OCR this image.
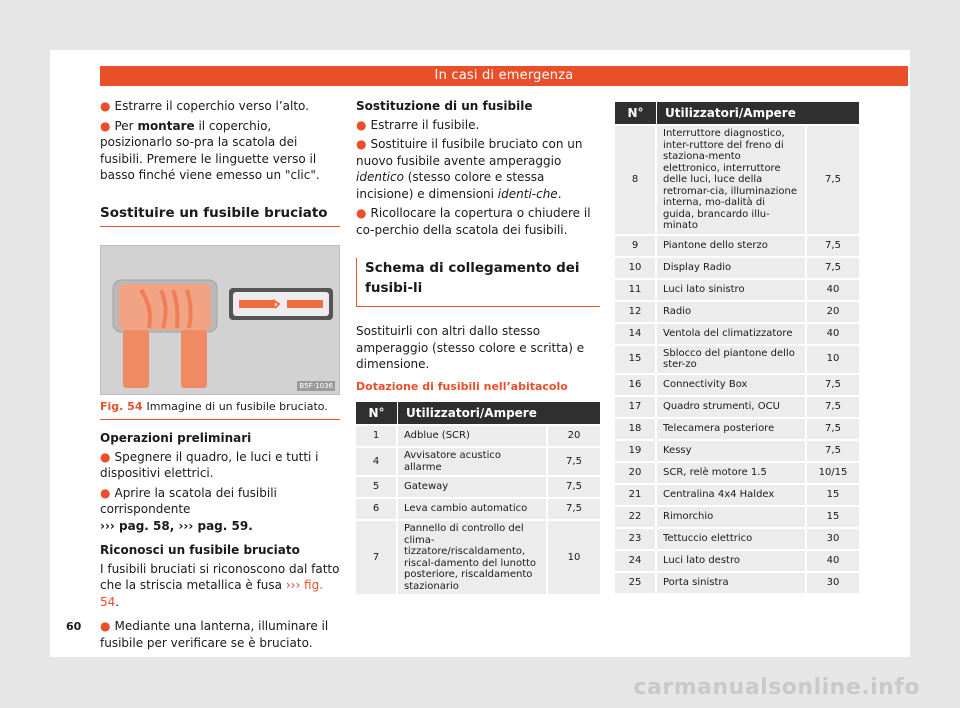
In casi di emergenza

● Estrarre il coperchio verso l’alto.

● Per montare il coperchio, posizionarlo so-pra la scatola dei fusibili. Premere le linguette verso il basso finché viene emesso un "clic".

Sostituire un fusibile bruciato
B5F-1036
Fig. 54 Immagine di un fusibile bruciato.
Operazioni preliminari

● Spegnere il quadro, le luci e tutti i dispositivi elettrici.

● Aprire la scatola dei fusibili corrispondente
››› pag. 58, ››› pag. 59.

Riconosci un fusibile bruciato

I fusibili bruciati si riconoscono dal fatto che la striscia metallica è fusa ››› fig. 54.

● Mediante una lanterna, illuminare il fusibile per verificare se è bruciato.

Sostituzione di un fusibile

● Estrarre il fusibile.

● Sostituire il fusibile bruciato con un nuovo fusibile avente amperaggio identico (stesso colore e stessa incisione) e dimensioni identi-che.

● Ricollocare la copertura o chiudere il co-perchio della scatola dei fusibili.

Schema di collegamento dei fusibi-li

Sostituirli con altri dallo stesso amperaggio (stesso colore e scritta) e dimensione.

Dotazione di fusibili nell’abitacolo
N°	Utilizzatori/Ampere	
1	Adblue (SCR)	20
4	Avvisatore acustico allarme	7,5
5	Gateway	7,5
6	Leva cambio automatico	7,5
7	Pannello di controllo del clima-tizzatore/riscaldamento, riscal-damento del lunotto posteriore, riscaldamento stazionario	10
N°	Utilizzatori/Ampere	
8	Interruttore diagnostico, inter-ruttore del freno di staziona-mento elettronico, interruttore delle luci, luce della retromar-cia, illuminazione interna, mo-dalità di guida, brancardo illu-minato	7,5
9	Piantone dello sterzo	7,5
10	Display Radio	7,5
11	Luci lato sinistro	40
12	Radio	20
14	Ventola del climatizzatore	40
15	Sblocco del piantone dello ster-zo	10
16	Connectivity Box	7,5
17	Quadro strumenti, OCU	7,5
18	Telecamera posteriore	7,5
19	Kessy	7,5
20	SCR, relè motore 1.5	10/15
21	Centralina 4x4 Haldex	15
22	Rimorchio	15
23	Tettuccio elettrico	30
24	Luci lato destro	40
25	Porta sinistra	30
60
carmanualsonline.info
